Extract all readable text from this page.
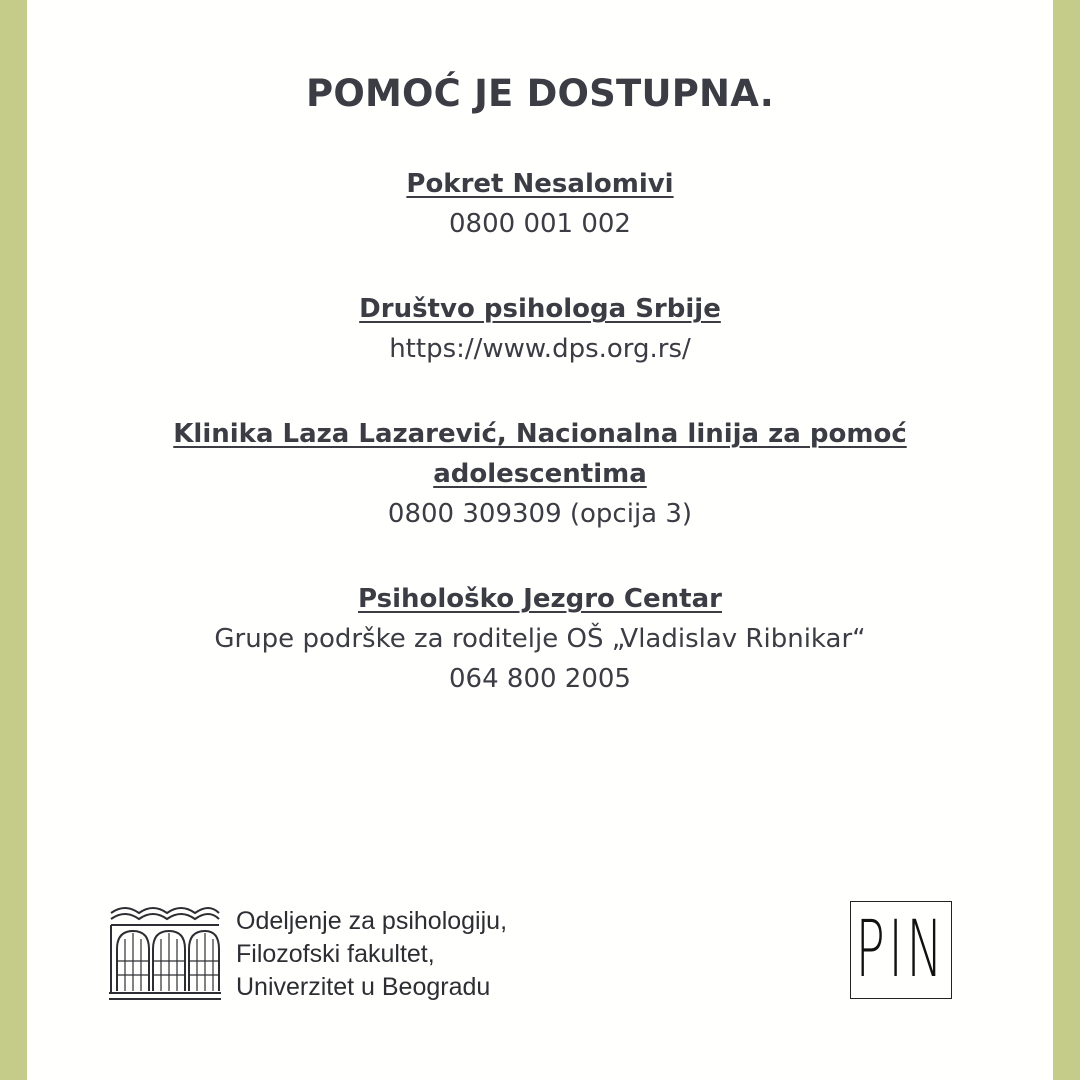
POMOĆ JE DOSTUPNA.
Pokret Nesalomivi
0800 001 002
Društvo psihologa Srbije
https://www.dps.org.rs/
Klinika Laza Lazarević, Nacionalna linija za pomoć adolescentima
0800 309309 (opcija 3)
Psihološko Jezgro Centar
Grupe podrške za roditelje OŠ „Vladislav Ribnikar“
064 800 2005
Odeljenje za psihologiju,
Filozofski fakultet,
Univerzitet u Beogradu	PIN
